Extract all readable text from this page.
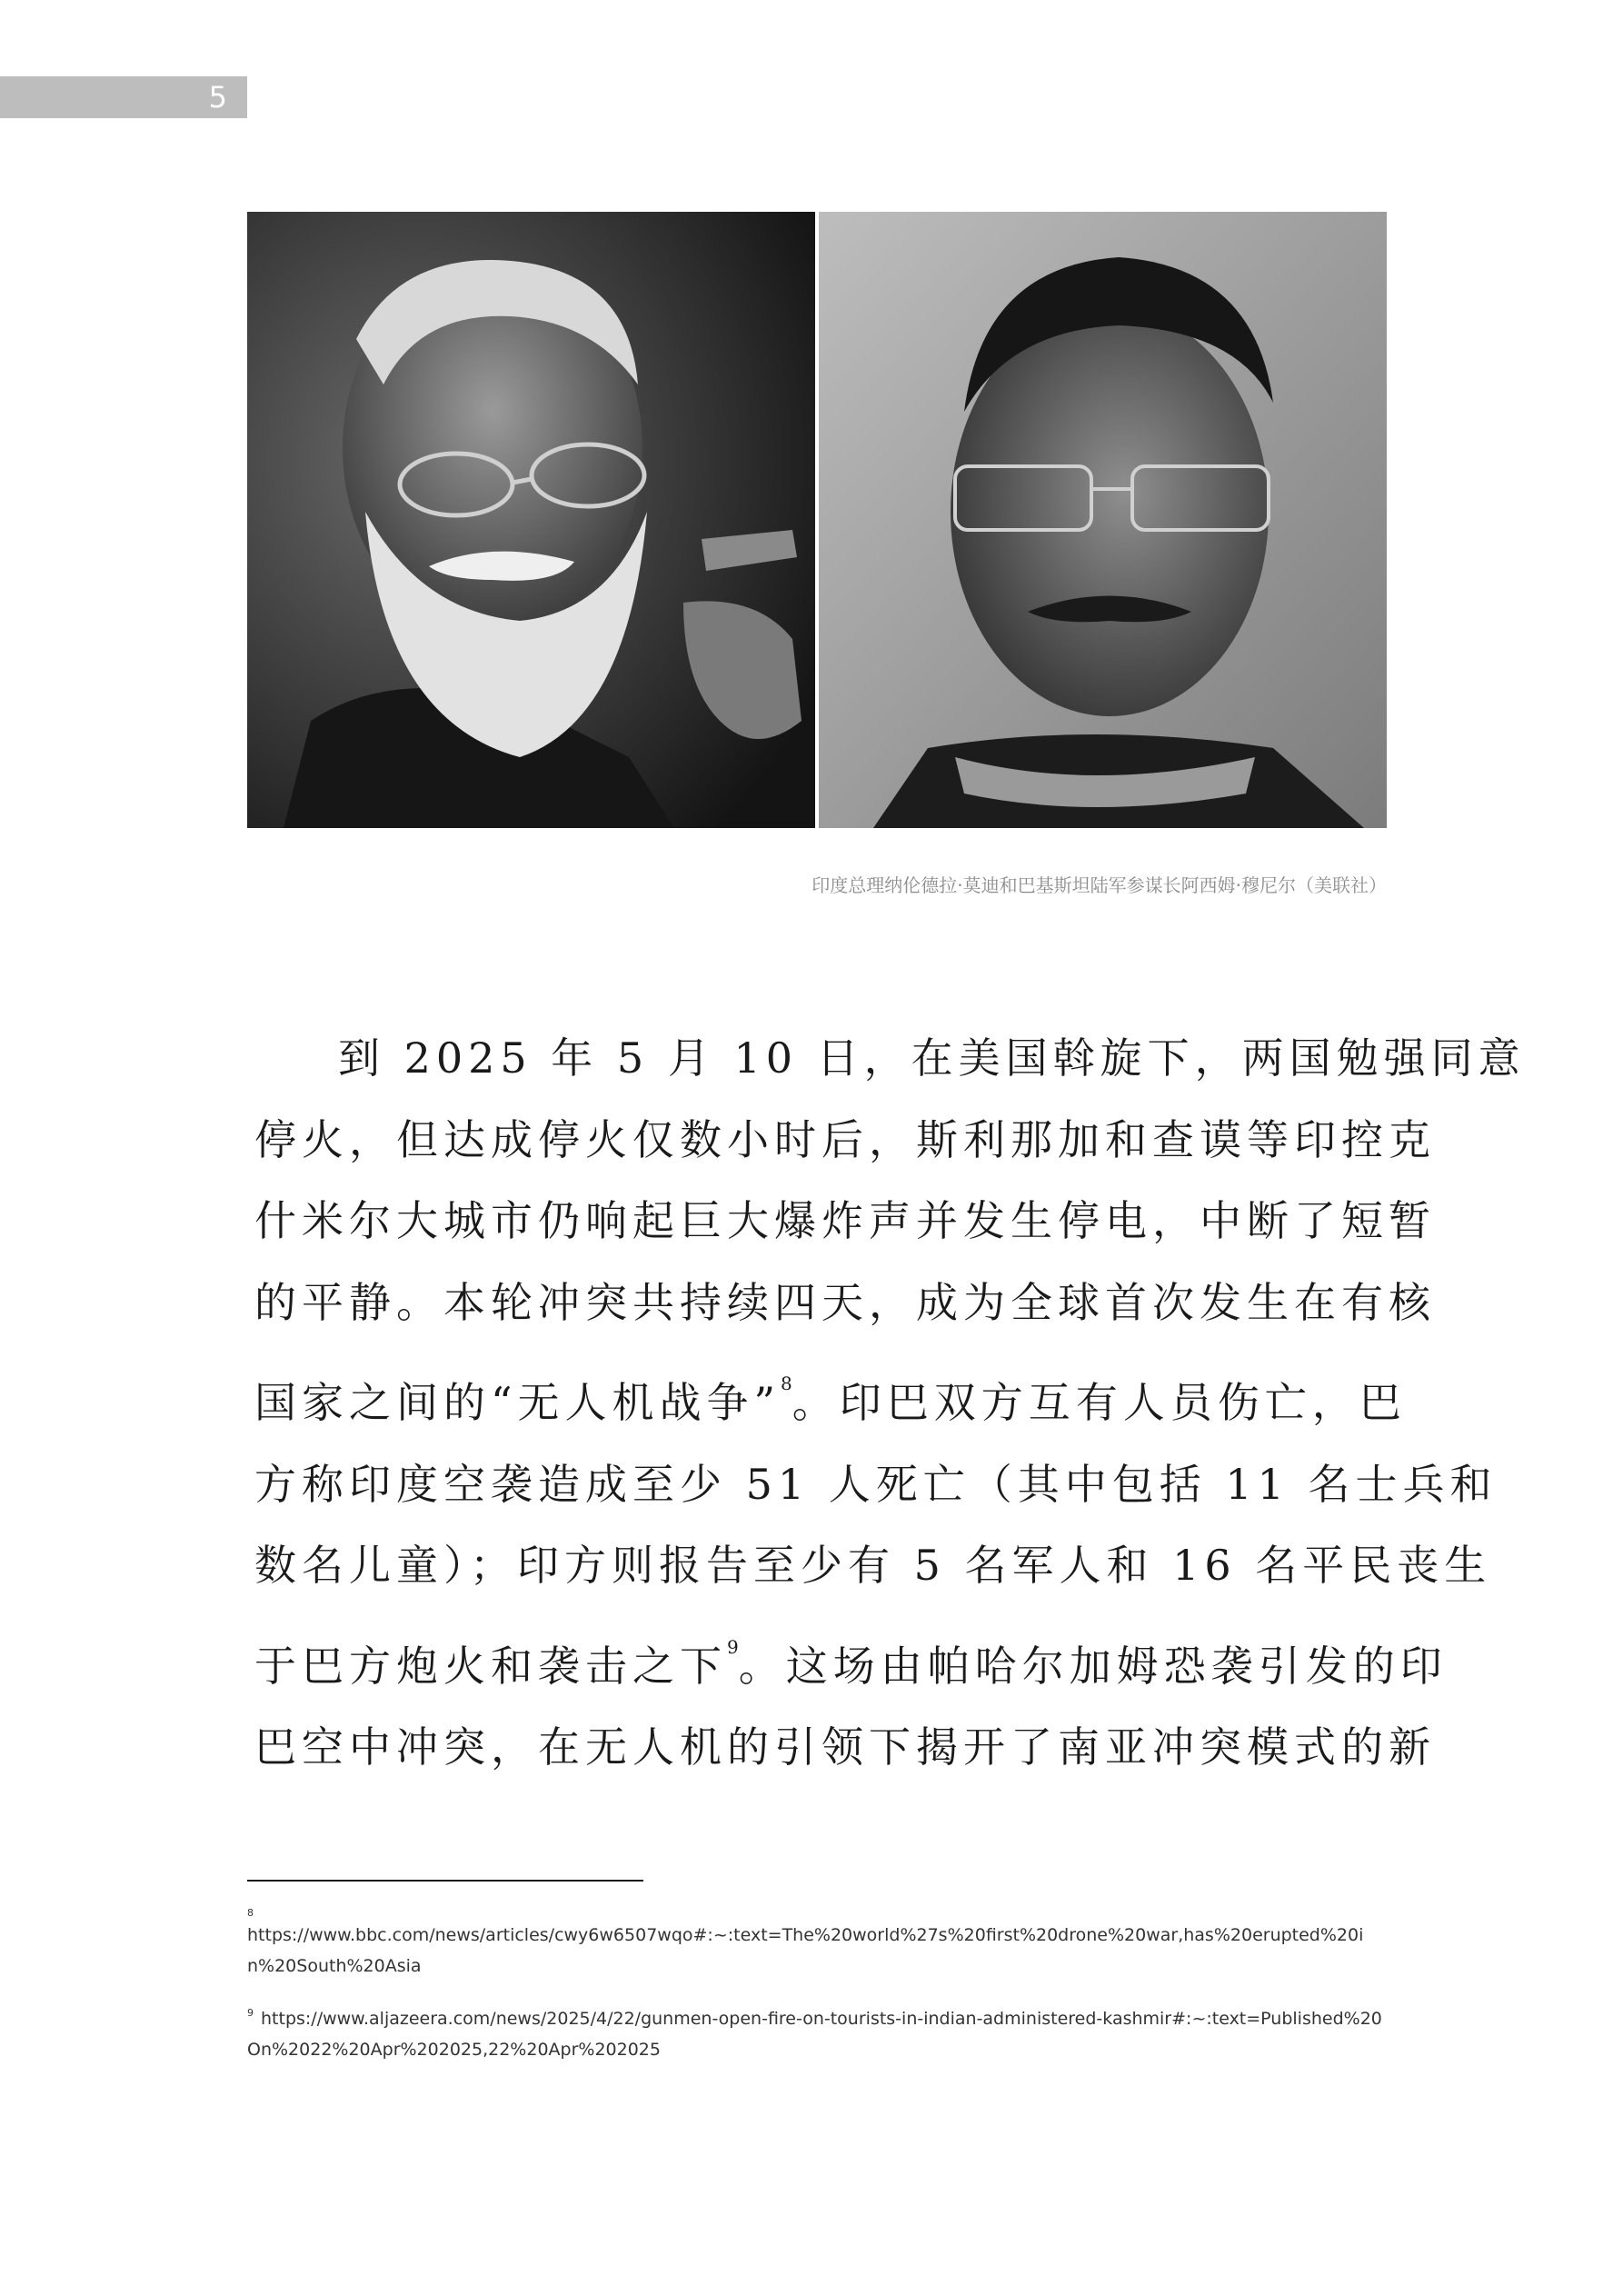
5
印度总理纳伦德拉·莫迪和巴基斯坦陆军参谋长阿西姆·穆尼尔（美联社）
到 2025 年 5 月 10 日，在美国斡旋下，两国勉强同意
停火，但达成停火仅数小时后，斯利那加和查谟等印控克
什米尔大城市仍响起巨大爆炸声并发生停电，中断了短暂
的平静。本轮冲突共持续四天，成为全球首次发生在有核
国家之间的“无人机战争”$^8$。印巴双方互有人员伤亡，巴
方称印度空袭造成至少 51 人死亡（其中包括 11 名士兵和
数名儿童）；印方则报告至少有 5 名军人和 16 名平民丧生
于巴方炮火和袭击之下$^9$。这场由帕哈尔加姆恐袭引发的印
巴空中冲突，在无人机的引领下揭开了南亚冲突模式的新

8
https://www.bbc.com/news/articles/cwy6w6507wqo#:~:text=The%20world%27s%20first%20drone%20war,has%20erupted%20in%20South%20Asia

$^9$ https://www.aljazeera.com/news/2025/4/22/gunmen-open-fire-on-tourists-in-indian-administered-kashmir#:~:text=Published%20On%2022%20Apr%202025,22%20Apr%202025
